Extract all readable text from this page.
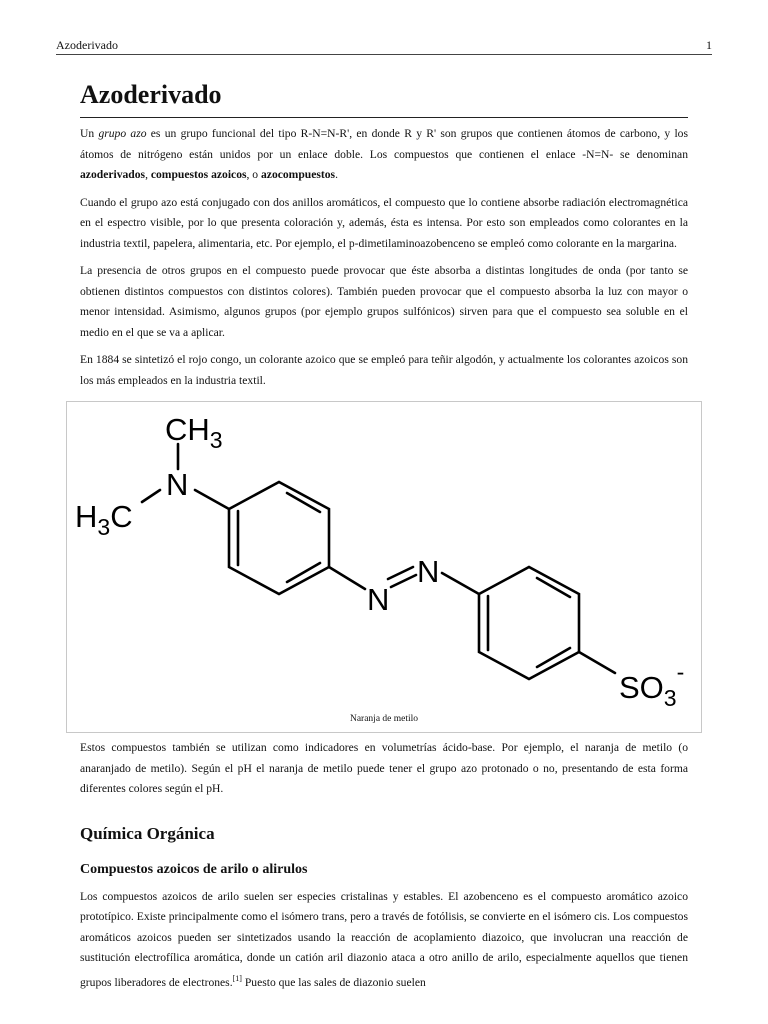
Azoderivado	1
Azoderivado

Un grupo azo es un grupo funcional del tipo R-N=N-R', en donde R y R' son grupos que contienen átomos de carbono, y los átomos de nitrógeno están unidos por un enlace doble. Los compuestos que contienen el enlace -N=N- se denominan azoderivados, compuestos azoicos, o azocompuestos.

Cuando el grupo azo está conjugado con dos anillos aromáticos, el compuesto que lo contiene absorbe radiación electromagnética en el espectro visible, por lo que presenta coloración y, además, ésta es intensa. Por esto son empleados como colorantes en la industria textil, papelera, alimentaria, etc. Por ejemplo, el p-dimetilaminoazobenceno se empleó como colorante en la margarina.

La presencia de otros grupos en el compuesto puede provocar que éste absorba a distintas longitudes de onda (por tanto se obtienen distintos compuestos con distintos colores). También pueden provocar que el compuesto absorba la luz con mayor o menor intensidad. Asimismo, algunos grupos (por ejemplo grupos sulfónicos) sirven para que el compuesto sea soluble en el medio en el que se va a aplicar.

En 1884 se sintetizó el rojo congo, un colorante azoico que se empleó para teñir algodón, y actualmente los colorantes azoicos son los más empleados en la industria textil.

$CH_3$
N
$H_3C$
N
N
$SO_3^-$
Naranja de metilo

Estos compuestos también se utilizan como indicadores en volumetrías ácido-base. Por ejemplo, el naranja de metilo (o anaranjado de metilo). Según el pH el naranja de metilo puede tener el grupo azo protonado o no, presentando de esta forma diferentes colores según el pH.

Química Orgánica
Compuestos azoicos de arilo o alirulos

Los compuestos azoicos de arilo suelen ser especies cristalinas y estables. El azobenceno es el compuesto aromático azoico prototípico. Existe principalmente como el isómero trans, pero a través de fotólisis, se convierte en el isómero cis. Los compuestos aromáticos azoicos pueden ser sintetizados usando la reacción de acoplamiento diazoico, que involucran una reacción de sustitución electrofílica aromática, donde un catión aril diazonio ataca a otro anillo de arilo, especialmente aquellos que tienen grupos liberadores de electrones.[1] Puesto que las sales de diazonio suelen
